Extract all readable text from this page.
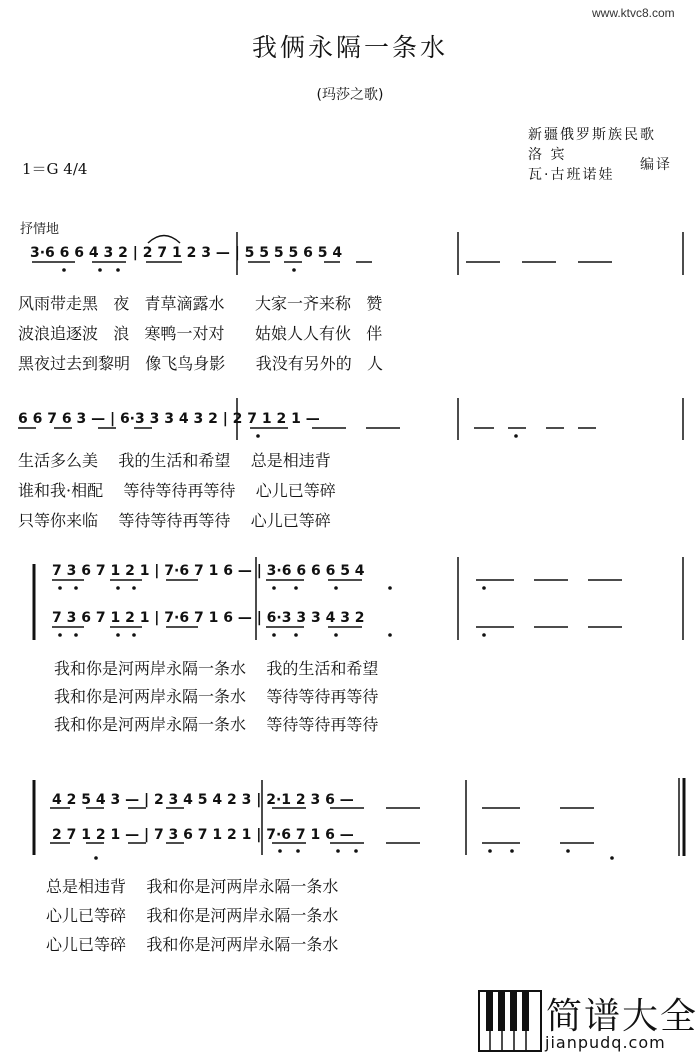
www.ktvc8.com
我俩永隔一条水
(玛莎之歌)
新疆俄罗斯族民歌
洛 宾
瓦·古班诺娃
编译
1＝G 4/4
抒情地
3·6 6 6 4 3 2 | 2 7 1 2 3 — | 5 5 5 5 6 5 4
6 6 7 6 3 — | 6·3 3 3 4 3 2 | 2 7 1 2 1 —
7 3 6 7 1 2 1 | 7·6 7 1 6 — | 3·6 6 6 6 5 4
7 3 6 7 1 2 1 | 7·6 7 1 6 — | 6·3 3 3 4 3 2
4 2 5 4 3 — | 2 3 4 5 4 2 3 | 2·1 2 3 6 —
2 7 1 2 1 — | 7 3 6 7 1 2 1 | 7·6 7 1 6 —
风雨带走黑   夜   青草滴露水      大家一齐来称   赞
波浪追逐波   浪   寒鸭一对对      姑娘人人有伙   伴
黑夜过去到黎明   像飞鸟身影      我没有另外的   人
生活多么美    我的生活和希望    总是相违背
谁和我·相配    等待等待再等待    心儿已等碎
只等你来临    等待等待再等待    心儿已等碎
我和你是河两岸永隔一条水    我的生活和希望
我和你是河两岸永隔一条水    等待等待再等待
我和你是河两岸永隔一条水    等待等待再等待
总是相违背    我和你是河两岸永隔一条水
心儿已等碎    我和你是河两岸永隔一条水
心儿已等碎    我和你是河两岸永隔一条水
简谱大全
jianpudq.com
